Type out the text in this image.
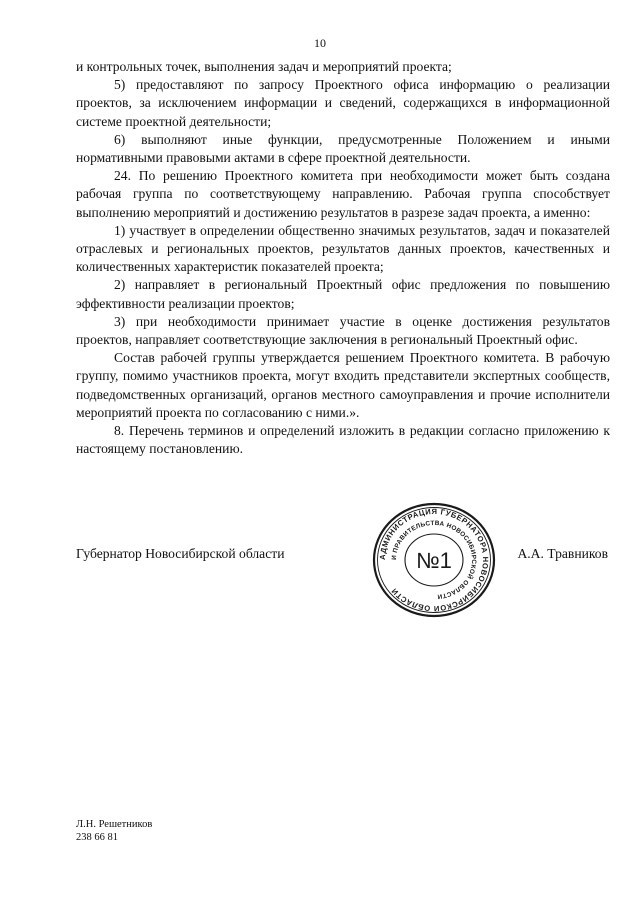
10

и контрольных точек, выполнения задач и мероприятий проекта;

5) предоставляют по запросу Проектного офиса информацию о реализации проектов, за исключением информации и сведений, содержащихся в информационной системе проектной деятельности;

6) выполняют иные функции, предусмотренные Положением и иными нормативными правовыми актами в сфере проектной деятельности.

24. По решению Проектного комитета при необходимости может быть создана рабочая группа по соответствующему направлению. Рабочая группа способствует выполнению мероприятий и достижению результатов в разрезе задач проекта, а именно:

1) участвует в определении общественно значимых результатов, задач и показателей отраслевых и региональных проектов, результатов данных проектов, качественных и количественных характеристик показателей проекта;

2) направляет в региональный Проектный офис предложения по повышению эффективности реализации проектов;

3) при необходимости принимает участие в оценке достижения результатов проектов, направляет соответствующие заключения в региональный Проектный офис.

Состав рабочей группы утверждается решением Проектного комитета. В рабочую группу, помимо участников проекта, могут входить представители экспертных сообществ, подведомственных организаций, органов местного самоуправления и прочие исполнители мероприятий проекта по согласованию с ними.».

8. Перечень терминов и определений изложить в редакции согласно приложению к настоящему постановлению.

Губернатор Новосибирской области	А.А. Травников
АДМИНИСТРАЦИЯ ГУБЕРНАТОРА НОВОСИБИРСКОЙ ОБЛАСТИ
И ПРАВИТЕЛЬСТВА НОВОСИБИРСКОЙ ОБЛАСТИ
№1
Л.Н. Решетников
238 66 81
